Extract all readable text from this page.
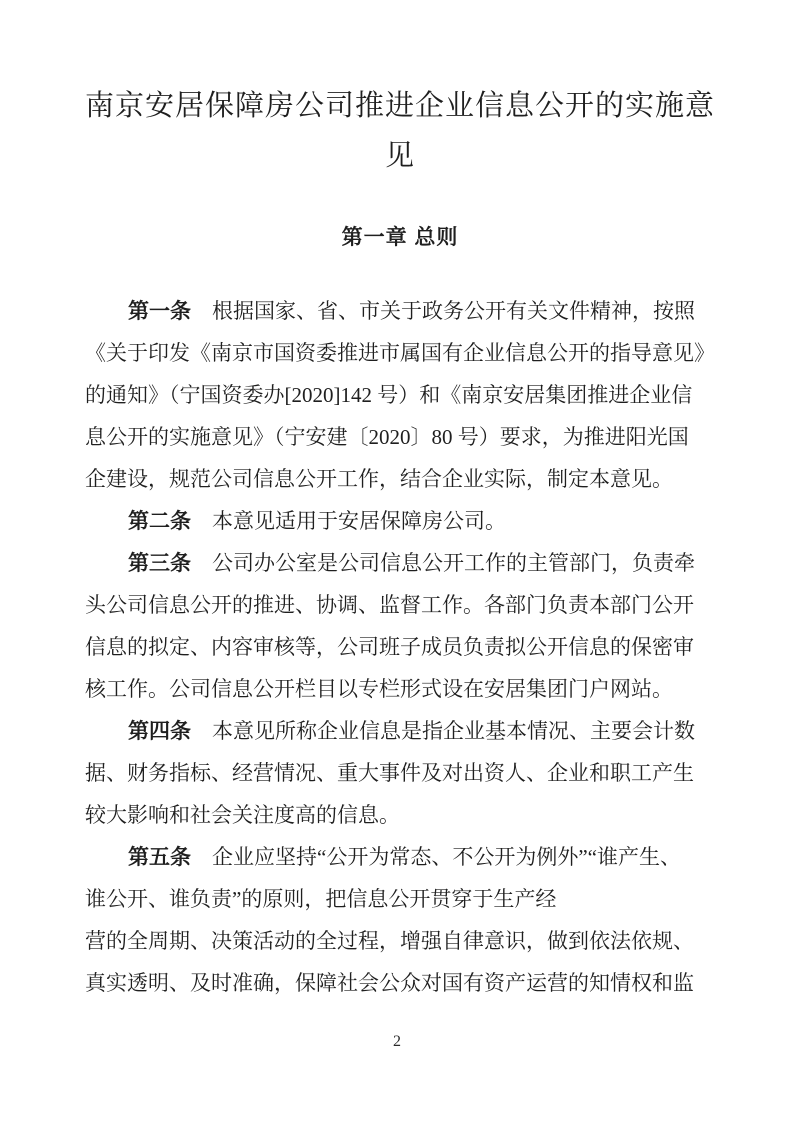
南京安居保障房公司推进企业信息公开的实施意
见
第一章 总则
第一条　根据国家、省、市关于政务公开有关文件精神，按照
《关于印发《南京市国资委推进市属国有企业信息公开的指导意见》
的通知》（宁国资委办[2020]142 号）和《南京安居集团推进企业信
息公开的实施意见》（宁安建〔2020〕80 号）要求，为推进阳光国
企建设，规范公司信息公开工作，结合企业实际，制定本意见。
第二条　本意见适用于安居保障房公司。
第三条　公司办公室是公司信息公开工作的主管部门，负责牵
头公司信息公开的推进、协调、监督工作。各部门负责本部门公开
信息的拟定、内容审核等，公司班子成员负责拟公开信息的保密审
核工作。公司信息公开栏目以专栏形式设在安居集团门户网站。
第四条　本意见所称企业信息是指企业基本情况、主要会计数
据、财务指标、经营情况、重大事件及对出资人、企业和职工产生
较大影响和社会关注度高的信息。
第五条　企业应坚持“公开为常态、不公开为例外”“谁产生、
谁公开、谁负责”的原则，把信息公开贯穿于生产经
营的全周期、决策活动的全过程，增强自律意识，做到依法依规、
真实透明、及时准确，保障社会公众对国有资产运营的知情权和监
2
